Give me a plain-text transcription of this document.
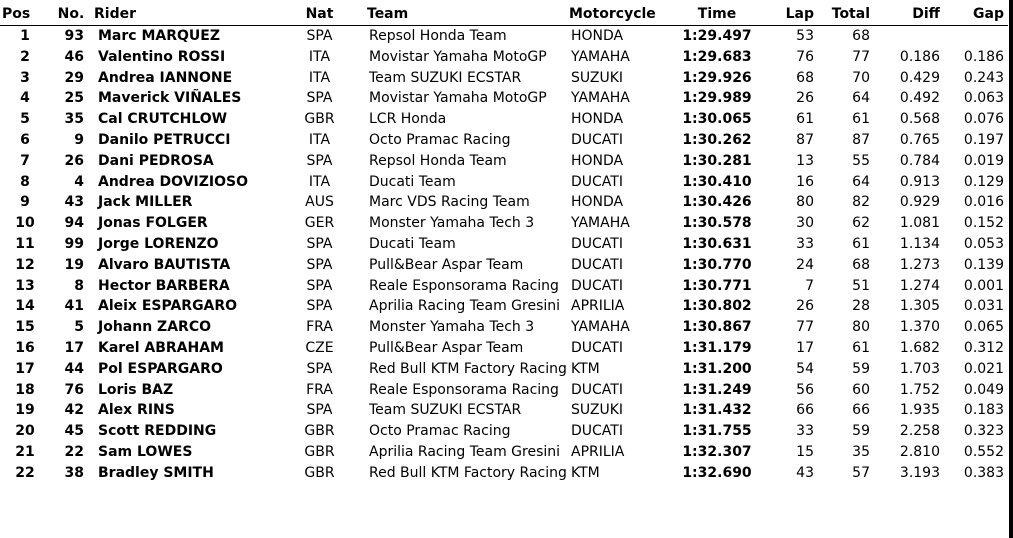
Pos	No.	Rider	Nat	Team	Motorcycle	Time	Lap	Total	Diff	Gap
1	93	Marc MARQUEZ	SPA	Repsol Honda Team	HONDA	1:29.497	53	68		
2	46	Valentino ROSSI	ITA	Movistar Yamaha MotoGP	YAMAHA	1:29.683	76	77	0.186	0.186
3	29	Andrea IANNONE	ITA	Team SUZUKI ECSTAR	SUZUKI	1:29.926	68	70	0.429	0.243
4	25	Maverick VIÑALES	SPA	Movistar Yamaha MotoGP	YAMAHA	1:29.989	26	64	0.492	0.063
5	35	Cal CRUTCHLOW	GBR	LCR Honda	HONDA	1:30.065	61	61	0.568	0.076
6	9	Danilo PETRUCCI	ITA	Octo Pramac Racing	DUCATI	1:30.262	87	87	0.765	0.197
7	26	Dani PEDROSA	SPA	Repsol Honda Team	HONDA	1:30.281	13	55	0.784	0.019
8	4	Andrea DOVIZIOSO	ITA	Ducati Team	DUCATI	1:30.410	16	64	0.913	0.129
9	43	Jack MILLER	AUS	Marc VDS Racing Team	HONDA	1:30.426	80	82	0.929	0.016
10	94	Jonas FOLGER	GER	Monster Yamaha Tech 3	YAMAHA	1:30.578	30	62	1.081	0.152
11	99	Jorge LORENZO	SPA	Ducati Team	DUCATI	1:30.631	33	61	1.134	0.053
12	19	Alvaro BAUTISTA	SPA	Pull&Bear Aspar Team	DUCATI	1:30.770	24	68	1.273	0.139
13	8	Hector BARBERA	SPA	Reale Esponsorama Racing	DUCATI	1:30.771	7	51	1.274	0.001
14	41	Aleix ESPARGARO	SPA	Aprilia Racing Team Gresini	APRILIA	1:30.802	26	28	1.305	0.031
15	5	Johann ZARCO	FRA	Monster Yamaha Tech 3	YAMAHA	1:30.867	77	80	1.370	0.065
16	17	Karel ABRAHAM	CZE	Pull&Bear Aspar Team	DUCATI	1:31.179	17	61	1.682	0.312
17	44	Pol ESPARGARO	SPA	Red Bull KTM Factory Racing	KTM	1:31.200	54	59	1.703	0.021
18	76	Loris BAZ	FRA	Reale Esponsorama Racing	DUCATI	1:31.249	56	60	1.752	0.049
19	42	Alex RINS	SPA	Team SUZUKI ECSTAR	SUZUKI	1:31.432	66	66	1.935	0.183
20	45	Scott REDDING	GBR	Octo Pramac Racing	DUCATI	1:31.755	33	59	2.258	0.323
21	22	Sam LOWES	GBR	Aprilia Racing Team Gresini	APRILIA	1:32.307	15	35	2.810	0.552
22	38	Bradley SMITH	GBR	Red Bull KTM Factory Racing	KTM	1:32.690	43	57	3.193	0.383
